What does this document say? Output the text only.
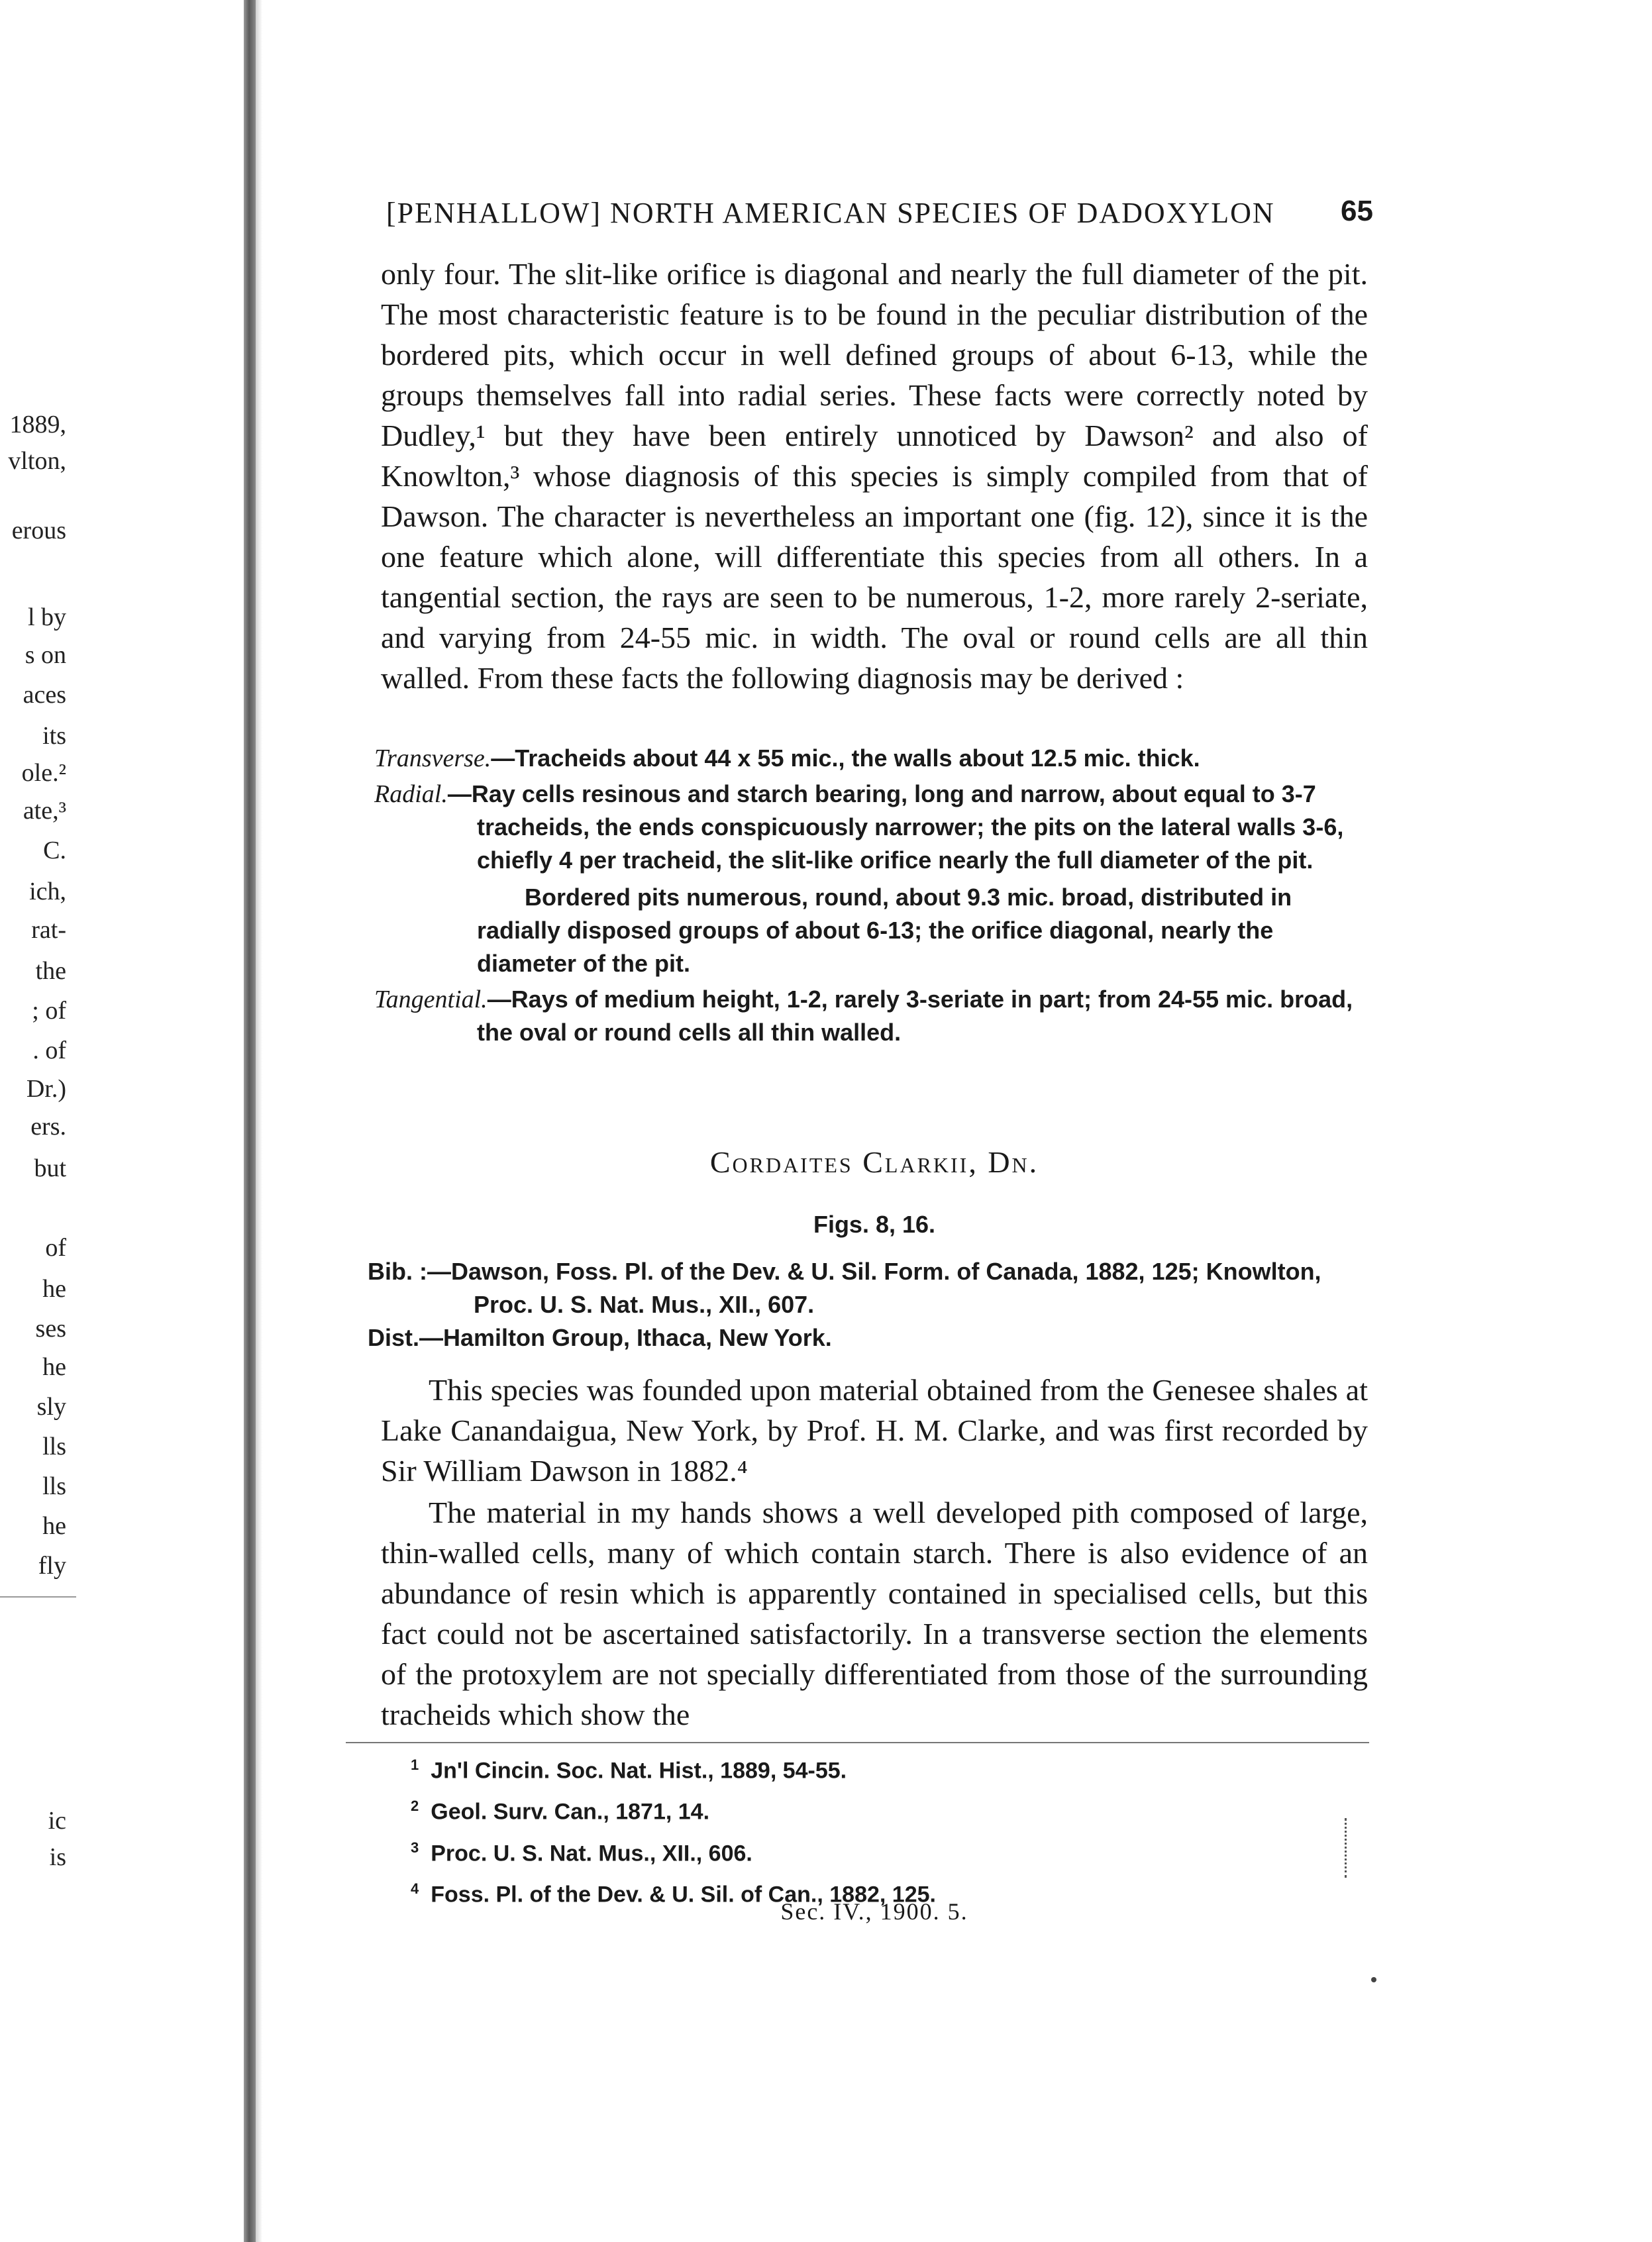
1889,
vlton,
erous
l by
s on
aces
its
ole.²
ate,³
C.
ich,
rat-
the
; of
. of
Dr.)
ers.
but
of
he
ses
he
sly
lls
lls
he
fly
ic
is
[PENHALLOW] NORTH AMERICAN SPECIES OF DADOXYLON 65

only four. The slit-like orifice is diagonal and nearly the full diameter of the pit. The most characteristic feature is to be found in the peculiar distribution of the bordered pits, which occur in well defined groups of about 6-13, while the groups themselves fall into radial series. These facts were correctly noted by Dudley,¹ but they have been entirely unnoticed by Dawson² and also of Knowlton,³ whose diagnosis of this species is simply compiled from that of Dawson. The character is nevertheless an important one (fig. 12), since it is the one feature which alone, will differentiate this species from all others. In a tangential section, the rays are seen to be numerous, 1-2, more rarely 2-seriate, and varying from 24-55 mic. in width. The oval or round cells are all thin walled. From these facts the following diagnosis may be derived :

Transverse.—Tracheids about 44 x 55 mic., the walls about 12.5 mic. thick.

Radial.—Ray cells resinous and starch bearing, long and narrow, about equal to 3-7 tracheids, the ends conspicuously narrower; the pits on the lateral walls 3-6, chiefly 4 per tracheid, the slit-like orifice nearly the full diameter of the pit.

Bordered pits numerous, round, about 9.3 mic. broad, distributed in radially disposed groups of about 6-13; the orifice diagonal, nearly the diameter of the pit.

Tangential.—Rays of medium height, 1-2, rarely 3-seriate in part; from 24-55 mic. broad, the oval or round cells all thin walled.

Cordaites Clarkii, Dn.
Figs. 8, 16.

Bib. :—Dawson, Foss. Pl. of the Dev. & U. Sil. Form. of Canada, 1882, 125; Knowlton, Proc. U. S. Nat. Mus., XII., 607.

Dist.—Hamilton Group, Ithaca, New York.

This species was founded upon material obtained from the Genesee shales at Lake Canandaigua, New York, by Prof. H. M. Clarke, and was first recorded by Sir William Dawson in 1882.⁴

The material in my hands shows a well developed pith composed of large, thin-walled cells, many of which contain starch. There is also evidence of an abundance of resin which is apparently contained in specialised cells, but this fact could not be ascertained satisfactorily. In a transverse section the elements of the protoxylem are not specially differentiated from those of the surrounding tracheids which show the

$^1$ Jn'l Cincin. Soc. Nat. Hist., 1889, 54-55.
$^2$ Geol. Surv. Can., 1871, 14.
$^3$ Proc. U. S. Nat. Mus., XII., 606.
$^4$ Foss. Pl. of the Dev. & U. Sil. of Can., 1882, 125.
Sec. IV., 1900. 5.
